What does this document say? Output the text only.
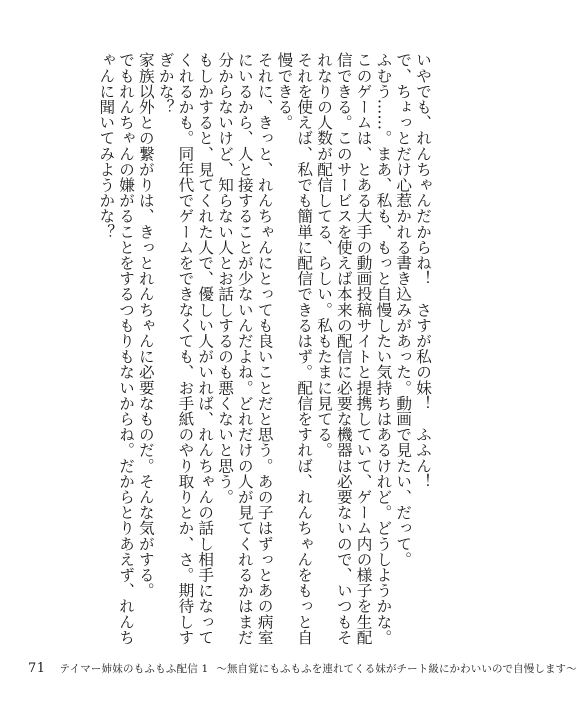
いやでも、れんちゃんだからね！　さすが私の妹！　ふふん！

で、ちょっとだけ心惹かれる書き込みがあった。動画で見たい、だって。

ふむう……。まあ、私も、もっと自慢したい気持ちはあるけれど。どうしようかな。

このゲームは、とある大手の動画投稿サイトと提携していて、ゲーム内の様子を生配信できる。このサービスを使えば本来の配信に必要な機器は必要ないので、いつもそれなりの人数が配信してる、らしい。私もたまに見てる。

それを使えば、私でも簡単に配信できるはず。配信をすれば、れんちゃんをもっと自慢できる。

それに、きっと、れんちゃんにとっても良いことだと思う。あの子はずっとあの病室にいるから、人と接することが少ないんだよね。どれだけの人が見てくれるかはまだ分からないけど、知らない人とお話しするのも悪くないと思う。

もしかすると、見てくれた人で、優しい人がいれば、れんちゃんの話し相手になってくれるかも。同年代でゲームをできなくても、お手紙のやり取りとか、さ。期待しすぎかな？

家族以外との繋がりは、きっとれんちゃんに必要なものだ。そんな気がする。

でもれんちゃんの嫌がることをするつもりもないからね。だからとりあえず、れんちゃんに聞いてみようかな？

71 テイマー姉妹のもふもふ配信 1 ～無自覚にもふもふを連れてくる妹がチート級にかわいいので自慢します～
